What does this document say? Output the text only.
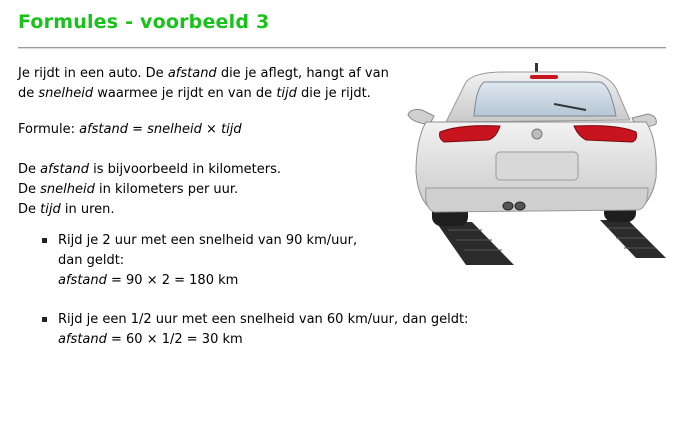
Formules - voorbeeld 3
Je rijdt in een auto. De afstand die je aflegt, hangt af van
de snelheid waarmee je rijdt en van de tijd die je rijdt.
Formule: afstand = snelheid × tijd
De afstand is bijvoorbeeld in kilometers.
De snelheid in kilometers per uur.
De tijd in uren.
Rijd je 2 uur met een snelheid van 90 km/uur,
dan geldt:
afstand = 90 × 2 = 180 km
Rijd je een 1/2 uur met een snelheid van 60 km/uur, dan geldt:
afstand = 60 × 1/2 = 30 km
